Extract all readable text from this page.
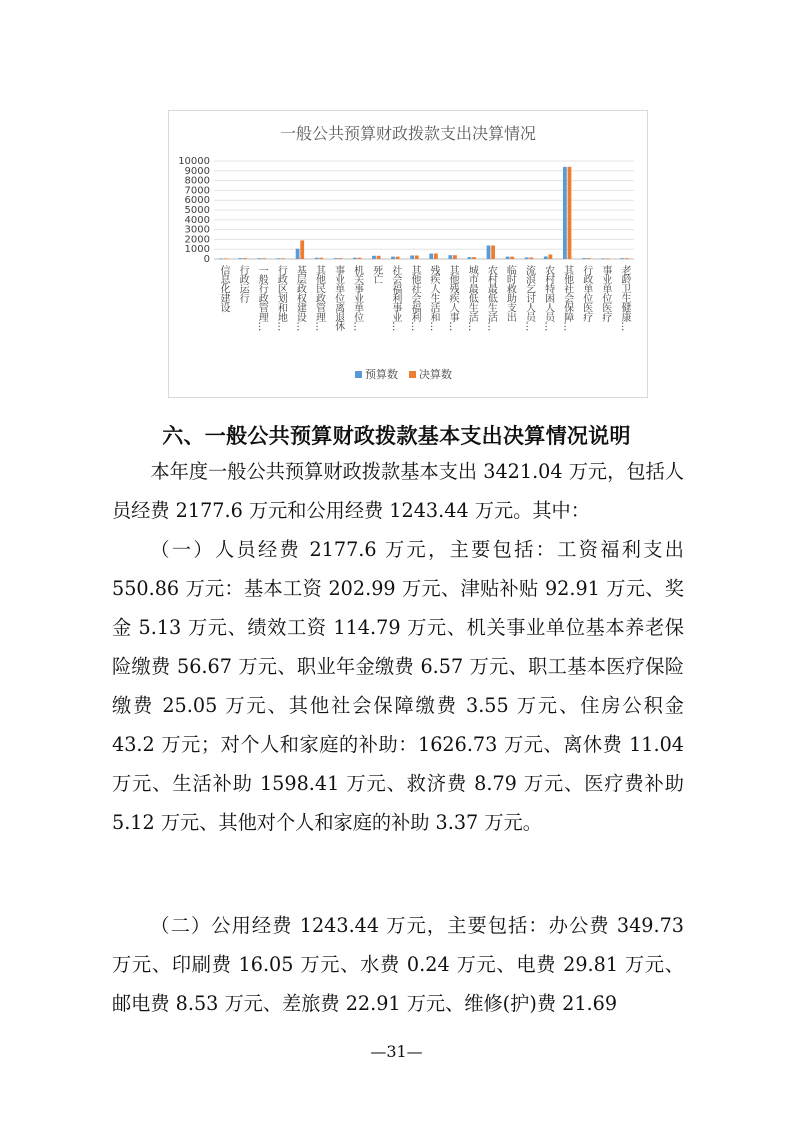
一般公共预算财政拨款支出决算情况
0
1000
2000
3000
4000
5000
6000
7000
8000
9000
10000
信息化建设 行政运行 一般行政管理… 行政区划和地… 基层政权建设… 其他民政管理… 事业单位离退休 机关事业单位… 死亡 社会福利事业… 其他社会福利… 残疾人生活和… 其他残疾人事… 城市最低生活… 农村最低生活… 临时救助支出 流浪乞讨人员… 农村特困人员… 其他社会保障… 行政单位医疗 事业单位医疗 老龄卫生健康…
预算数 决算数
六、一般公共预算财政拨款基本支出决算情况说明

本年度一般公共预算财政拨款基本支出 3421.04 万元，包括人员经费 2177.6 万元和公用经费 1243.44 万元。其中：

（一）人员经费 2177.6 万元，主要包括：工资福利支出 550.86 万元：基本工资 202.99 万元、津贴补贴 92.91 万元、奖金 5.13 万元、绩效工资 114.79 万元、机关事业单位基本养老保险缴费 56.67 万元、职业年金缴费 6.57 万元、职工基本医疗保险缴费 25.05 万元、其他社会保障缴费 3.55 万元、住房公积金 43.2 万元；对个人和家庭的补助：1626.73 万元、离休费 11.04 万元、生活补助 1598.41 万元、救济费 8.79 万元、医疗费补助 5.12 万元、其他对个人和家庭的补助 3.37 万元。

（二）公用经费 1243.44 万元，主要包括：办公费 349.73 万元、印刷费 16.05 万元、水费 0.24 万元、电费 29.81 万元、邮电费 8.53 万元、差旅费 22.91 万元、维修(护)费 21.69

—31—
